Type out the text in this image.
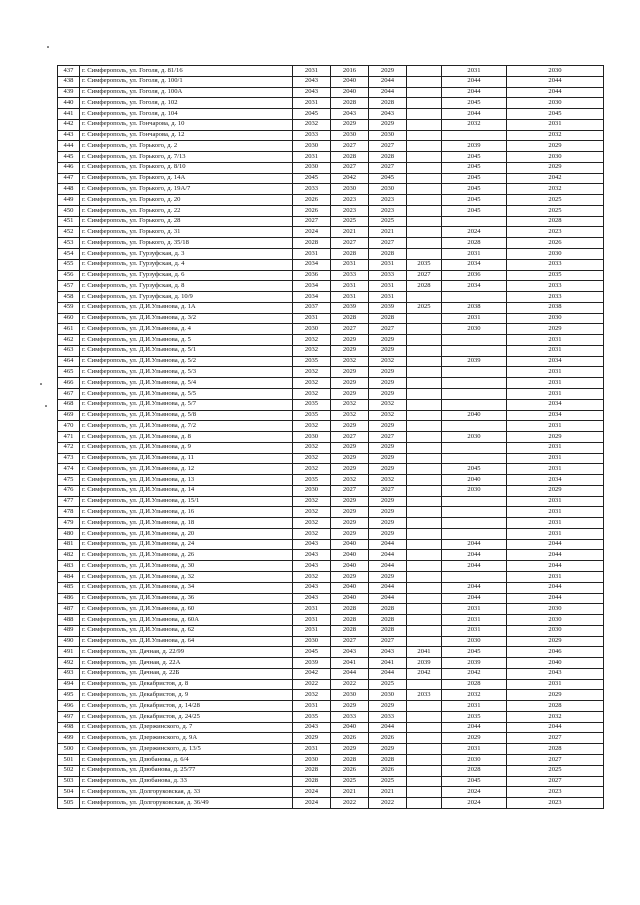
437	г. Симферополь, ул. Гоголя, д. 81/16	2031	2016	2029		2031	2030
438	г. Симферополь, ул. Гоголя, д. 100/1	2043	2040	2044		2044	2044
439	г. Симферополь, ул. Гоголя, д. 100А	2043	2040	2044		2044	2044
440	г. Симферополь, ул. Гоголя, д. 102	2031	2028	2028		2045	2030
441	г. Симферополь, ул. Гоголя, д. 104	2045	2043	2043		2044	2045
442	г. Симферополь, ул. Гончарова, д. 10	2032	2029	2029		2032	2031
443	г. Симферополь, ул. Гончарова, д. 12	2033	2030	2030			2032
444	г. Симферополь, ул. Горького, д. 2	2030	2027	2027		2039	2029
445	г. Симферополь, ул. Горького, д. 7/13	2031	2028	2028		2045	2030
446	г. Симферополь, ул. Горького, д. 8/10	2030	2027	2027		2045	2029
447	г. Симферополь, ул. Горького, д. 14А	2045	2042	2045		2045	2042
448	г. Симферополь, ул. Горького, д. 19А/7	2033	2030	2030		2045	2032
449	г. Симферополь, ул. Горького, д. 20	2026	2023	2023		2045	2025
450	г. Симферополь, ул. Горького, д. 22	2026	2023	2023		2045	2025
451	г. Симферополь, ул. Горького, д. 28	2027	2025	2025			2028
452	г. Симферополь, ул. Горького, д. 31	2024	2021	2021		2024	2023
453	г. Симферополь, ул. Горького, д. 35/18	2028	2027	2027		2028	2026
454	г. Симферополь, ул. Гурзуфская, д. 3	2031	2028	2028		2031	2030
455	г. Симферополь, ул. Гурзуфская, д. 4	2034	2031	2031	2035	2034	2033
456	г. Симферополь, ул. Гурзуфская, д. 6	2036	2033	2033	2027	2036	2035
457	г. Симферополь, ул. Гурзуфская, д. 8	2034	2031	2031	2028	2034	2033
458	г. Симферополь, ул. Гурзуфская, д. 10/9	2034	2031	2031			2033
459	г. Симферополь, ул. Д.И.Ульянова, д. 1А	2037	2039	2039	2025	2038	2038
460	г. Симферополь, ул. Д.И.Ульянова, д. 3/2	2031	2028	2028		2031	2030
461	г. Симферополь, ул. Д.И.Ульянова, д. 4	2030	2027	2027		2030	2029
462	г. Симферополь, ул. Д.И.Ульянова, д. 5	2032	2029	2029			2031
463	г. Симферополь, ул. Д.И.Ульянова, д. 5/1	2032	2029	2029			2031
464	г. Симферополь, ул. Д.И.Ульянова, д. 5/2	2035	2032	2032		2039	2034
465	г. Симферополь, ул. Д.И.Ульянова, д. 5/3	2032	2029	2029			2031
466	г. Симферополь, ул. Д.И.Ульянова, д. 5/4	2032	2029	2029			2031
467	г. Симферополь, ул. Д.И.Ульянова, д. 5/5	2032	2029	2029			2031
468	г. Симферополь, ул. Д.И.Ульянова, д. 5/7	2035	2032	2032			2034
469	г. Симферополь, ул. Д.И.Ульянова, д. 5/8	2035	2032	2032		2040	2034
470	г. Симферополь, ул. Д.И.Ульянова, д. 7/2	2032	2029	2029			2031
471	г. Симферополь, ул. Д.И.Ульянова, д. 8	2030	2027	2027		2030	2029
472	г. Симферополь, ул. Д.И.Ульянова, д. 9	2032	2029	2029			2031
473	г. Симферополь, ул. Д.И.Ульянова, д. 11	2032	2029	2029			2031
474	г. Симферополь, ул. Д.И.Ульянова, д. 12	2032	2029	2029		2045	2031
475	г. Симферополь, ул. Д.И.Ульянова, д. 13	2035	2032	2032		2040	2034
476	г. Симферополь, ул. Д.И.Ульянова, д. 14	2030	2027	2027		2030	2029
477	г. Симферополь, ул. Д.И.Ульянова, д. 15/1	2032	2029	2029			2031
478	г. Симферополь, ул. Д.И.Ульянова, д. 16	2032	2029	2029			2031
479	г. Симферополь, ул. Д.И.Ульянова, д. 18	2032	2029	2029			2031
480	г. Симферополь, ул. Д.И.Ульянова, д. 20	2032	2029	2029			2031
481	г. Симферополь, ул. Д.И.Ульянова, д. 24	2043	2040	2044		2044	2044
482	г. Симферополь, ул. Д.И.Ульянова, д. 26	2043	2040	2044		2044	2044
483	г. Симферополь, ул. Д.И.Ульянова, д. 30	2043	2040	2044		2044	2044
484	г. Симферополь, ул. Д.И.Ульянова, д. 32	2032	2029	2029			2031
485	г. Симферополь, ул. Д.И.Ульянова, д. 34	2043	2040	2044		2044	2044
486	г. Симферополь, ул. Д.И.Ульянова, д. 36	2043	2040	2044		2044	2044
487	г. Симферополь, ул. Д.И.Ульянова, д. 60	2031	2028	2028		2031	2030
488	г. Симферополь, ул. Д.И.Ульянова, д. 60А	2031	2028	2028		2031	2030
489	г. Симферополь, ул. Д.И.Ульянова, д. 62	2031	2028	2028		2031	2030
490	г. Симферополь, ул. Д.И.Ульянова, д. 64	2030	2027	2027		2030	2029
491	г. Симферополь, ул. Дачная, д. 22/99	2045	2043	2043	2041	2045	2046
492	г. Симферополь, ул. Дачная, д. 22А	2039	2041	2041	2039	2039	2040
493	г. Симферополь, ул. Дачная, д. 22Б	2042	2044	2044	2042	2042	2043
494	г. Симферополь, ул. Декабристов, д. 8	2022	2022	2025		2028	2031
495	г. Симферополь, ул. Декабристов, д. 9	2032	2030	2030	2033	2032	2029
496	г. Симферополь, ул. Декабристов, д. 14/28	2031	2029	2029		2031	2028
497	г. Симферополь, ул. Декабристов, д. 24/25	2035	2033	2033		2035	2032
498	г. Симферополь, ул. Дзержинского, д. 7	2043	2040	2044		2044	2044
499	г. Симферополь, ул. Дзержинского, д. 9А	2029	2026	2026		2029	2027
500	г. Симферополь, ул. Дзержинского, д. 13/5	2031	2029	2029		2031	2028
501	г. Симферополь, ул. Дзюбанова, д. 6/4	2030	2028	2028		2030	2027
502	г. Симферополь, ул. Дзюбанова, д. 25/77	2028	2026	2026		2028	2025
503	г. Симферополь, ул. Дзюбанова, д. 33	2028	2025	2025		2045	2027
504	г. Симферополь, ул. Долгоруковская, д. 33	2024	2021	2021		2024	2023
505	г. Симферополь, ул. Долгоруковская, д. 36/49	2024	2022	2022		2024	2023
